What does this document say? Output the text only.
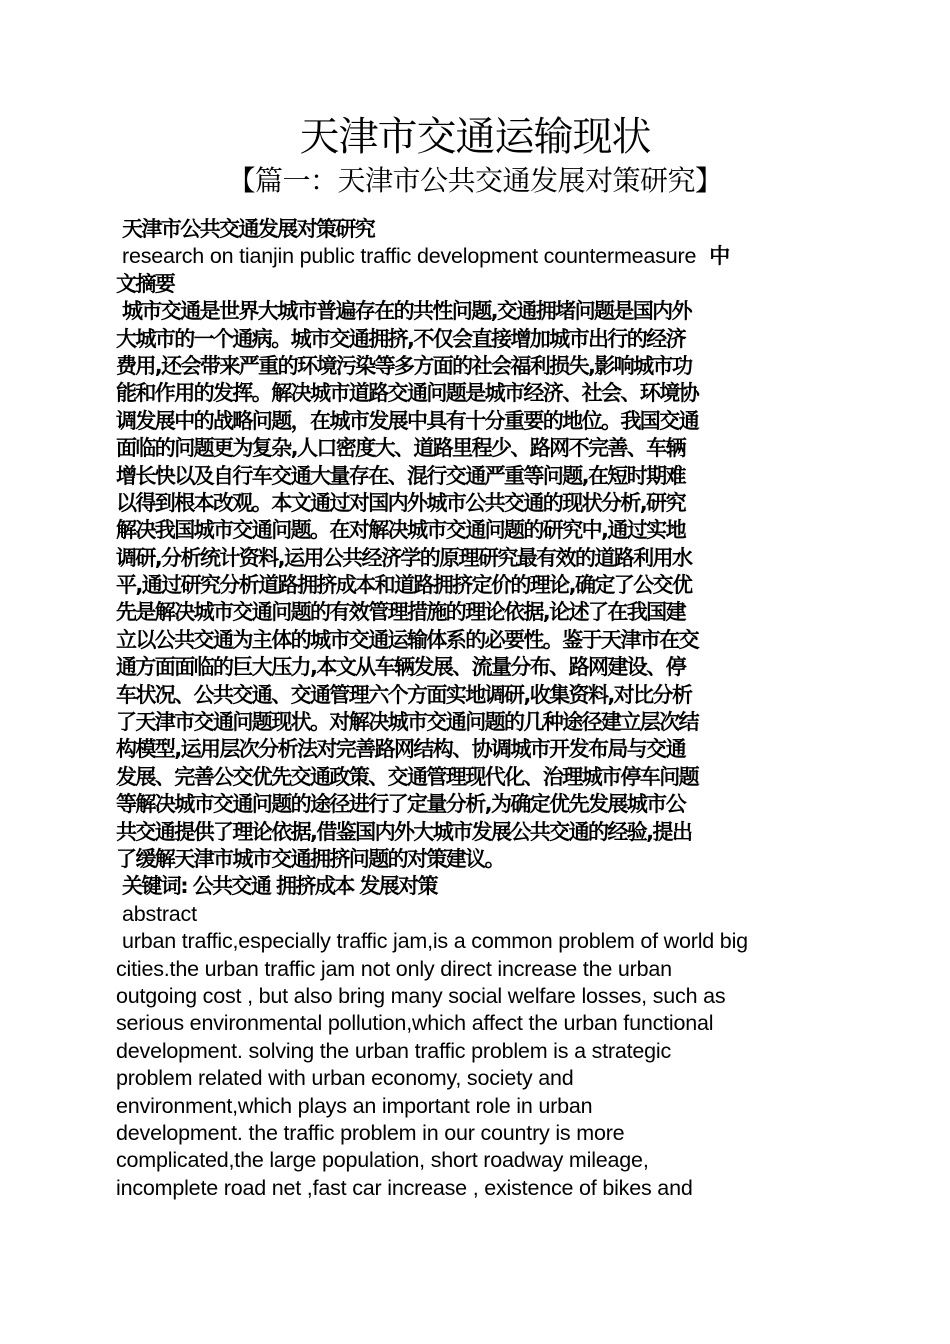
天津市交通运输现状
【篇一：天津市公共交通发展对策研究】
天津市公共交通发展对策研究
research on tianjin public traffic development countermeasure 中
文摘要
城市交通是世界大城市普遍存在的共性问题,交通拥堵问题是国内外
大城市的一个通病。城市交通拥挤,不仅会直接增加城市出行的经济
费用,还会带来严重的环境污染等多方面的社会福利损失,影响城市功
能和作用的发挥。解决城市道路交通问题是城市经济、社会、环境协
调发展中的战略问题，在城市发展中具有十分重要的地位。我国交通
面临的问题更为复杂,人口密度大、道路里程少、路网不完善、车辆
增长快以及自行车交通大量存在、混行交通严重等问题,在短时期难
以得到根本改观。本文通过对国内外城市公共交通的现状分析,研究
解决我国城市交通问题。在对解决城市交通问题的研究中,通过实地
调研,分析统计资料,运用公共经济学的原理研究最有效的道路利用水
平,通过研究分析道路拥挤成本和道路拥挤定价的理论,确定了公交优
先是解决城市交通问题的有效管理措施的理论依据,论述了在我国建
立以公共交通为主体的城市交通运输体系的必要性。鉴于天津市在交
通方面面临的巨大压力,本文从车辆发展、流量分布、路网建设、停
车状况、公共交通、交通管理六个方面实地调研,收集资料,对比分析
了天津市交通问题现状。对解决城市交通问题的几种途径建立层次结
构模型,运用层次分析法对完善路网结构、协调城市开发布局与交通
发展、完善公交优先交通政策、交通管理现代化、治理城市停车问题
等解决城市交通问题的途径进行了定量分析,为确定优先发展城市公
共交通提供了理论依据,借鉴国内外大城市发展公共交通的经验,提出
了缓解天津市城市交通拥挤问题的对策建议。
关键词: 公共交通 拥挤成本 发展对策
abstract
urban traffic,especially traffic jam,is a common problem of world big
cities.the urban traffic jam not only direct increase the urban
outgoing cost , but also bring many social welfare losses, such as
serious environmental pollution,which affect the urban functional
development. solving the urban traffic problem is a strategic
problem related with urban economy, society and
environment,which plays an important role in urban
development. the traffic problem in our country is more
complicated,the large population, short roadway mileage,
incomplete road net ,fast car increase , existence of bikes and
